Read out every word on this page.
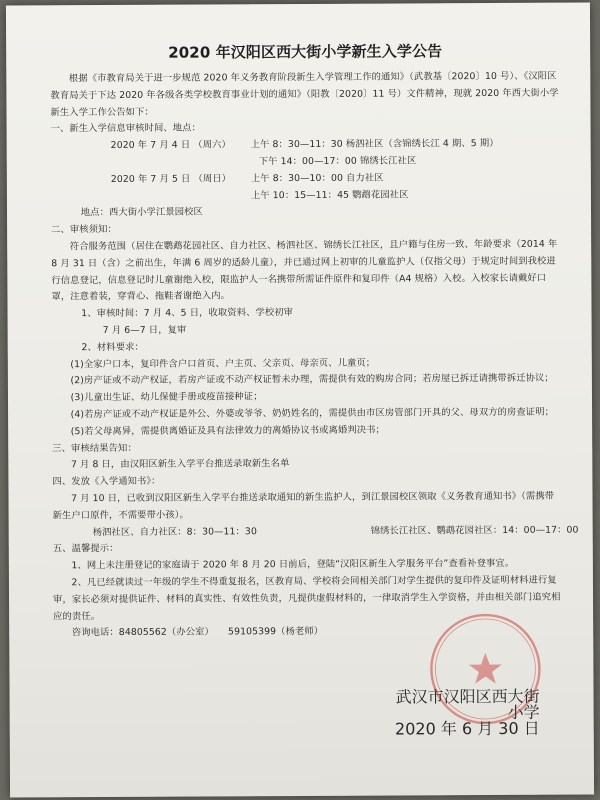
2020 年汉阳区西大街小学新生入学公告

根据《市教育局关于进一步规范 2020 年义务教育阶段新生入学管理工作的通知》（武教基〔2020〕10 号）、《汉阳区教育局关于下达 2020 年各级各类学校教育事业计划的通知》（阳教〔2020〕11 号）文件精神，现就 2020 年西大街小学新生入学工作公告如下：

一、新生入学信息审核时间、地点：

2020 年 7 月 4 日 （周六） 上午 8：30—11：30 杨泗社区（含锦绣长江 4 期、5 期）
下午 14：00—17：00 锦绣长江社区
2020 年 7 月 5 日 （周日） 上午 8：30—10：00 自力社区
上午 10：15—11：45 鹦鹉花园社区

地点：西大街小学江景园校区

二、审核须知：

符合服务范围（居住在鹦鹉花园社区、自力社区、杨泗社区、锦绣长江社区，且户籍与住房一致、年龄要求（2014 年 8 月 31 日（含）之前出生，年满 6 周岁的适龄儿童），并已通过网上初审的儿童监护人（仅指父母）于规定时间到我校进行信息登记，信息登记时儿童谢绝入校，限监护人一名携带所需证件原件和复印件（A4 规格）入校。入校家长请戴好口罩，注意着装，穿背心、拖鞋者谢绝入内。

1、审核时间：7 月 4、5 日，收取资料、学校初审

7 月 6—7 日，复审

2、材料要求：

(1)全家户口本，复印件含户口首页、户主页、父亲页、母亲页、儿童页；

(2)房产证或不动产权证，若房产证或不动产权证暂未办理，需提供有效的购房合同；若房屋已拆迁请携带拆迁协议；

(3)儿童出生证、幼儿保健手册或疫苗接种证；

(4)若房产证或不动产权证是外公、外婆或爷爷、奶奶姓名的，需提供由市区房管部门开具的父、母双方的房查证明；

(5)若父母离异，需提供离婚证及具有法律效力的离婚协议书或离婚判决书；

三、审核结果告知：

7 月 8 日，由汉阳区新生入学平台推送录取新生名单

四、发放《入学通知书》：

7 月 10 日，已收到汉阳区新生入学平台推送录取通知的新生监护人，到江景园校区领取《义务教育通知书》（需携带新生户口原件，不需要带小孩）。

杨泗社区、自力社区：8：30—11：30	锦绣长江社区、鹦鹉花园社区：14：00—17：00

五、温馨提示：

1、网上未注册登记的家庭请于 2020 年 8 月 20 日前后，登陆“汉阳区新生入学服务平台”查看补登事宜。

2、凡已经就读过一年级的学生不得重复报名，区教育局、学校将会同相关部门对学生提供的复印件及证明材料进行复审，家长必须对提供证件、材料的真实性、有效性负责，凡提供虚假材料的，一律取消学生入学资格，并由相关部门追究相应的责任。

咨询电话：84805562（办公室）　　59105399（杨老师）

武汉市汉阳区西大街小学
2020 年 6 月 30 日
